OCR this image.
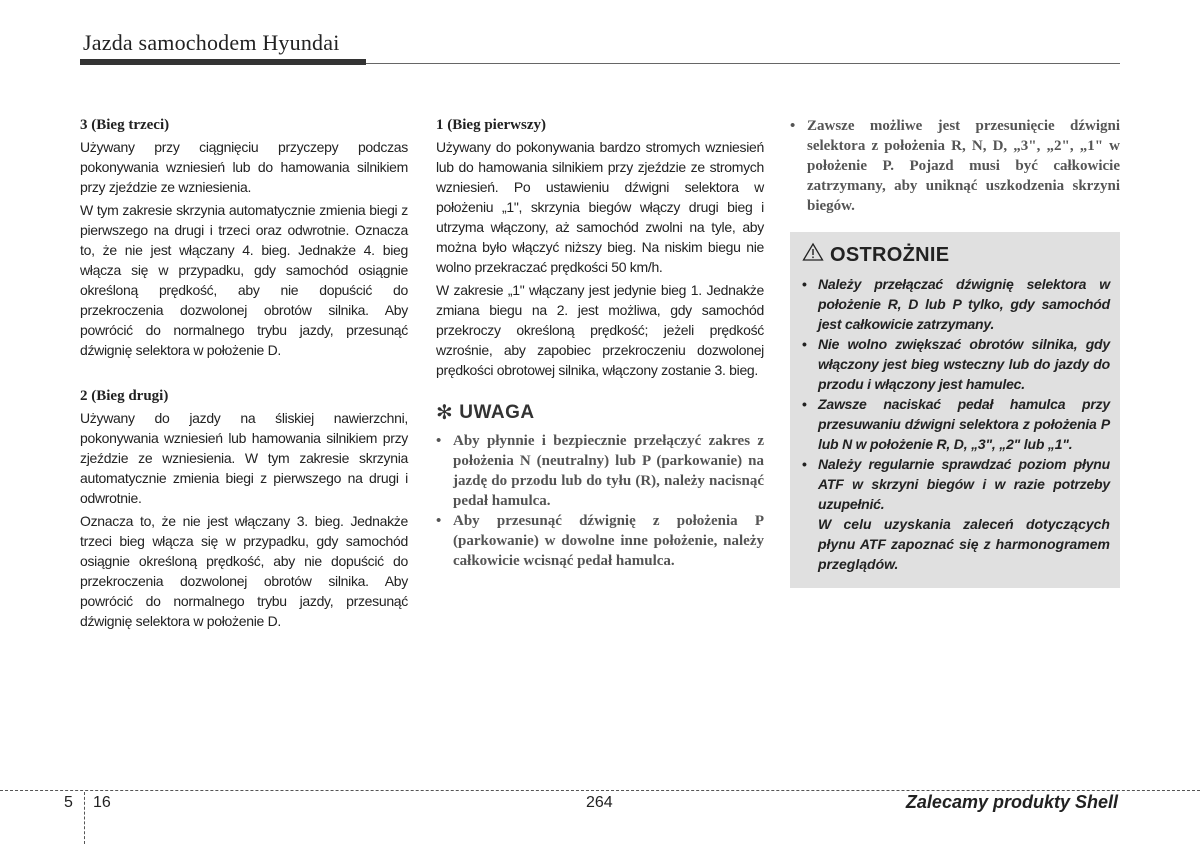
Jazda samochodem Hyundai
3 (Bieg trzeci)

Używany przy ciągnięciu przyczepy podczas pokonywania wzniesień lub do hamowania silnikiem przy zjeździe ze wzniesienia.

W tym zakresie skrzynia automatycznie zmienia biegi z pierwszego na drugi i trzeci oraz odwrotnie. Oznacza to, że nie jest włączany 4. bieg. Jednakże 4. bieg włącza się w przypadku, gdy samochód osiągnie określoną prędkość, aby nie dopuścić do przekroczenia dozwolonej obrotów silnika. Aby powrócić do normalnego trybu jazdy, przesunąć dźwignię selektora w położenie D.

2 (Bieg drugi)

Używany do jazdy na śliskiej nawierzchni, pokonywania wzniesień lub hamowania silnikiem przy zjeździe ze wzniesienia. W tym zakresie skrzynia automatycznie zmienia biegi z pierwszego na drugi i odwrotnie.

Oznacza to, że nie jest włączany 3. bieg. Jednakże trzeci bieg włącza się w przypadku, gdy samochód osiągnie określoną prędkość, aby nie dopuścić do przekroczenia dozwolonej obrotów silnika. Aby powrócić do normalnego trybu jazdy, przesunąć dźwignię selektora w położenie D.

1 (Bieg pierwszy)

Używany do pokonywania bardzo stromych wzniesień lub do hamowania silnikiem przy zjeździe ze stromych wzniesień. Po ustawieniu dźwigni selektora w położeniu „1", skrzynia biegów włączy drugi bieg i utrzyma włączony, aż samochód zwolni na tyle, aby można było włączyć niższy bieg. Na niskim biegu nie wolno przekraczać prędkości 50 km/h.

W zakresie „1" włączany jest jedynie bieg 1. Jednakże zmiana biegu na 2. jest możliwa, gdy samochód przekroczy określoną prędkość; jeżeli prędkość wzrośnie, aby zapobiec przekroczeniu dozwolonej prędkości obrotowej silnika, włączony zostanie 3. bieg.

✻ UWAGA
• Aby płynnie i bezpiecznie przełączyć zakres z położenia N (neutralny) lub P (parkowanie) na jazdę do przodu lub do tyłu (R), należy nacisnąć pedał hamulca.
• Aby przesunąć dźwignię z położenia P (parkowanie) w dowolne inne położenie, należy całkowicie wcisnąć pedał hamulca.
• Zawsze możliwe jest przesunięcie dźwigni selektora z położenia R, N, D, „3", „2", „1" w położenie P. Pojazd musi być całkowicie zatrzymany, aby uniknąć uszkodzenia skrzyni biegów.
OSTROŻNIE
• Należy przełączać dźwignię selektora w położenie R, D lub P tylko, gdy samochód jest całkowicie zatrzymany.
• Nie wolno zwiększać obrotów silnika, gdy włączony jest bieg wsteczny lub do jazdy do przodu i włączony jest hamulec.
• Zawsze naciskać pedał hamulca przy przesuwaniu dźwigni selektora z położenia P lub N w położenie R, D, „3", „2" lub „1".
• Należy regularnie sprawdzać poziom płynu ATF w skrzyni biegów i w razie potrzeby uzupełnić.
W celu uzyskania zaleceń dotyczących płynu ATF zapoznać się z harmonogramem przeglądów.
5 16	264	Zalecamy produkty Shell
